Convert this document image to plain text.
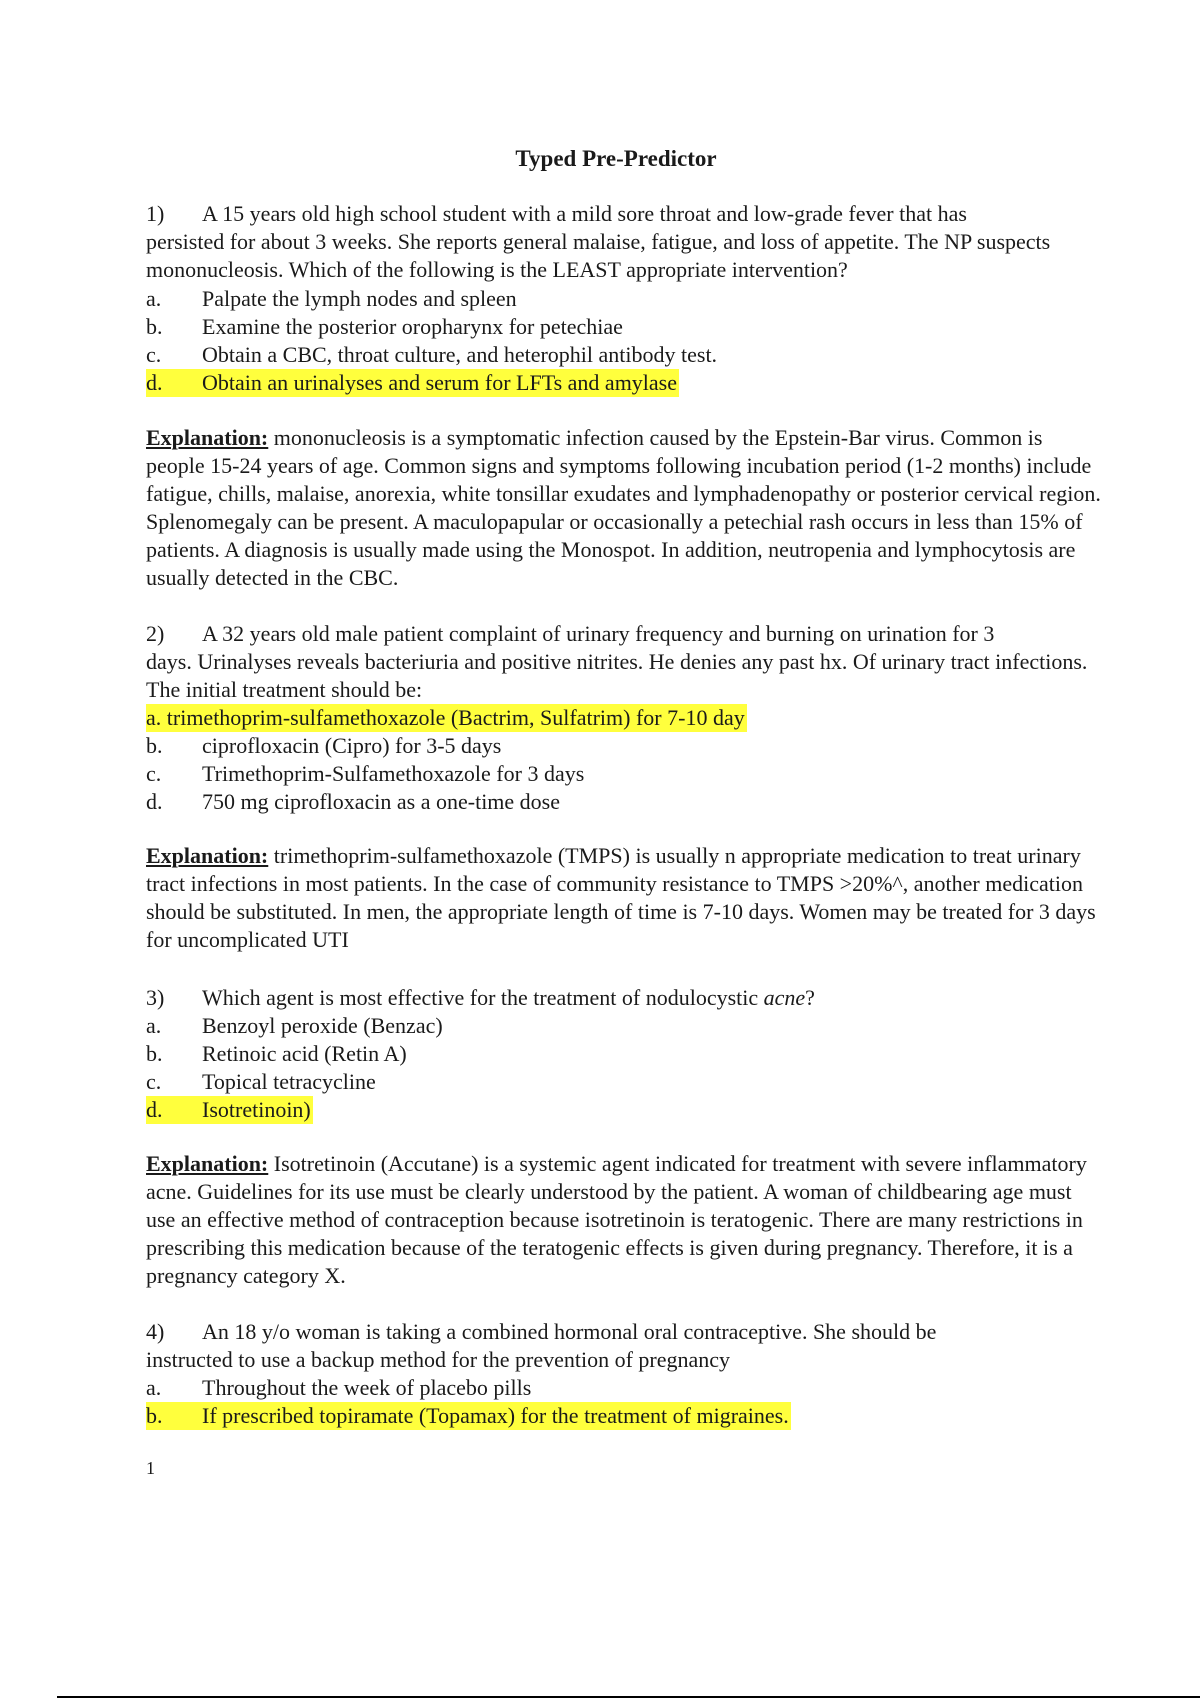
Typed Pre-Predictor
1)	A 15 years old high school student with a mild sore throat and low-grade fever that has
persisted for about 3 weeks. She reports general malaise, fatigue, and loss of appetite. The NP suspects mononucleosis. Which of the following is the LEAST appropriate intervention?
a. Palpate the lymph nodes and spleen
b. Examine the posterior oropharynx for petechiae
c. Obtain a CBC, throat culture, and heterophil antibody test.
d. Obtain an urinalyses and serum for LFTs and amylase
Explanation: mononucleosis is a symptomatic infection caused by the Epstein-Bar virus. Common is people 15-24 years of age. Common signs and symptoms following incubation period (1-2 months) include fatigue, chills, malaise, anorexia, white tonsillar exudates and lymphadenopathy or posterior cervical region. Splenomegaly can be present. A maculopapular or occasionally a petechial rash occurs in less than 15% of patients. A diagnosis is usually made using the Monospot. In addition, neutropenia and lymphocytosis are usually detected in the CBC.
2)	A 32 years old male patient complaint of urinary frequency and burning on urination for 3
days. Urinalyses reveals bacteriuria and positive nitrites. He denies any past hx. Of urinary tract infections. The initial treatment should be:
a. trimethoprim-sulfamethoxazole (Bactrim, Sulfatrim) for 7-10 day
b. ciprofloxacin (Cipro) for 3-5 days
c. Trimethoprim-Sulfamethoxazole for 3 days
d. 750 mg ciprofloxacin as a one-time dose
Explanation: trimethoprim-sulfamethoxazole (TMPS) is usually n appropriate medication to treat urinary tract infections in most patients. In the case of community resistance to TMPS >20%^, another medication should be substituted. In men, the appropriate length of time is 7-10 days. Women may be treated for 3 days for uncomplicated UTI
3)	Which agent is most effective for the treatment of nodulocystic acne?
a. Benzoyl peroxide (Benzac)
b. Retinoic acid (Retin A)
c. Topical tetracycline
d. Isotretinoin)
Explanation: Isotretinoin (Accutane) is a systemic agent indicated for treatment with severe inflammatory acne. Guidelines for its use must be clearly understood by the patient. A woman of childbearing age must use an effective method of contraception because isotretinoin is teratogenic. There are many restrictions in prescribing this medication because of the teratogenic effects is given during pregnancy. Therefore, it is a pregnancy category X.
4)	An 18 y/o woman is taking a combined hormonal oral contraceptive. She should be
instructed to use a backup method for the prevention of pregnancy
a. Throughout the week of placebo pills
b. If prescribed topiramate (Topamax) for the treatment of migraines.
1
